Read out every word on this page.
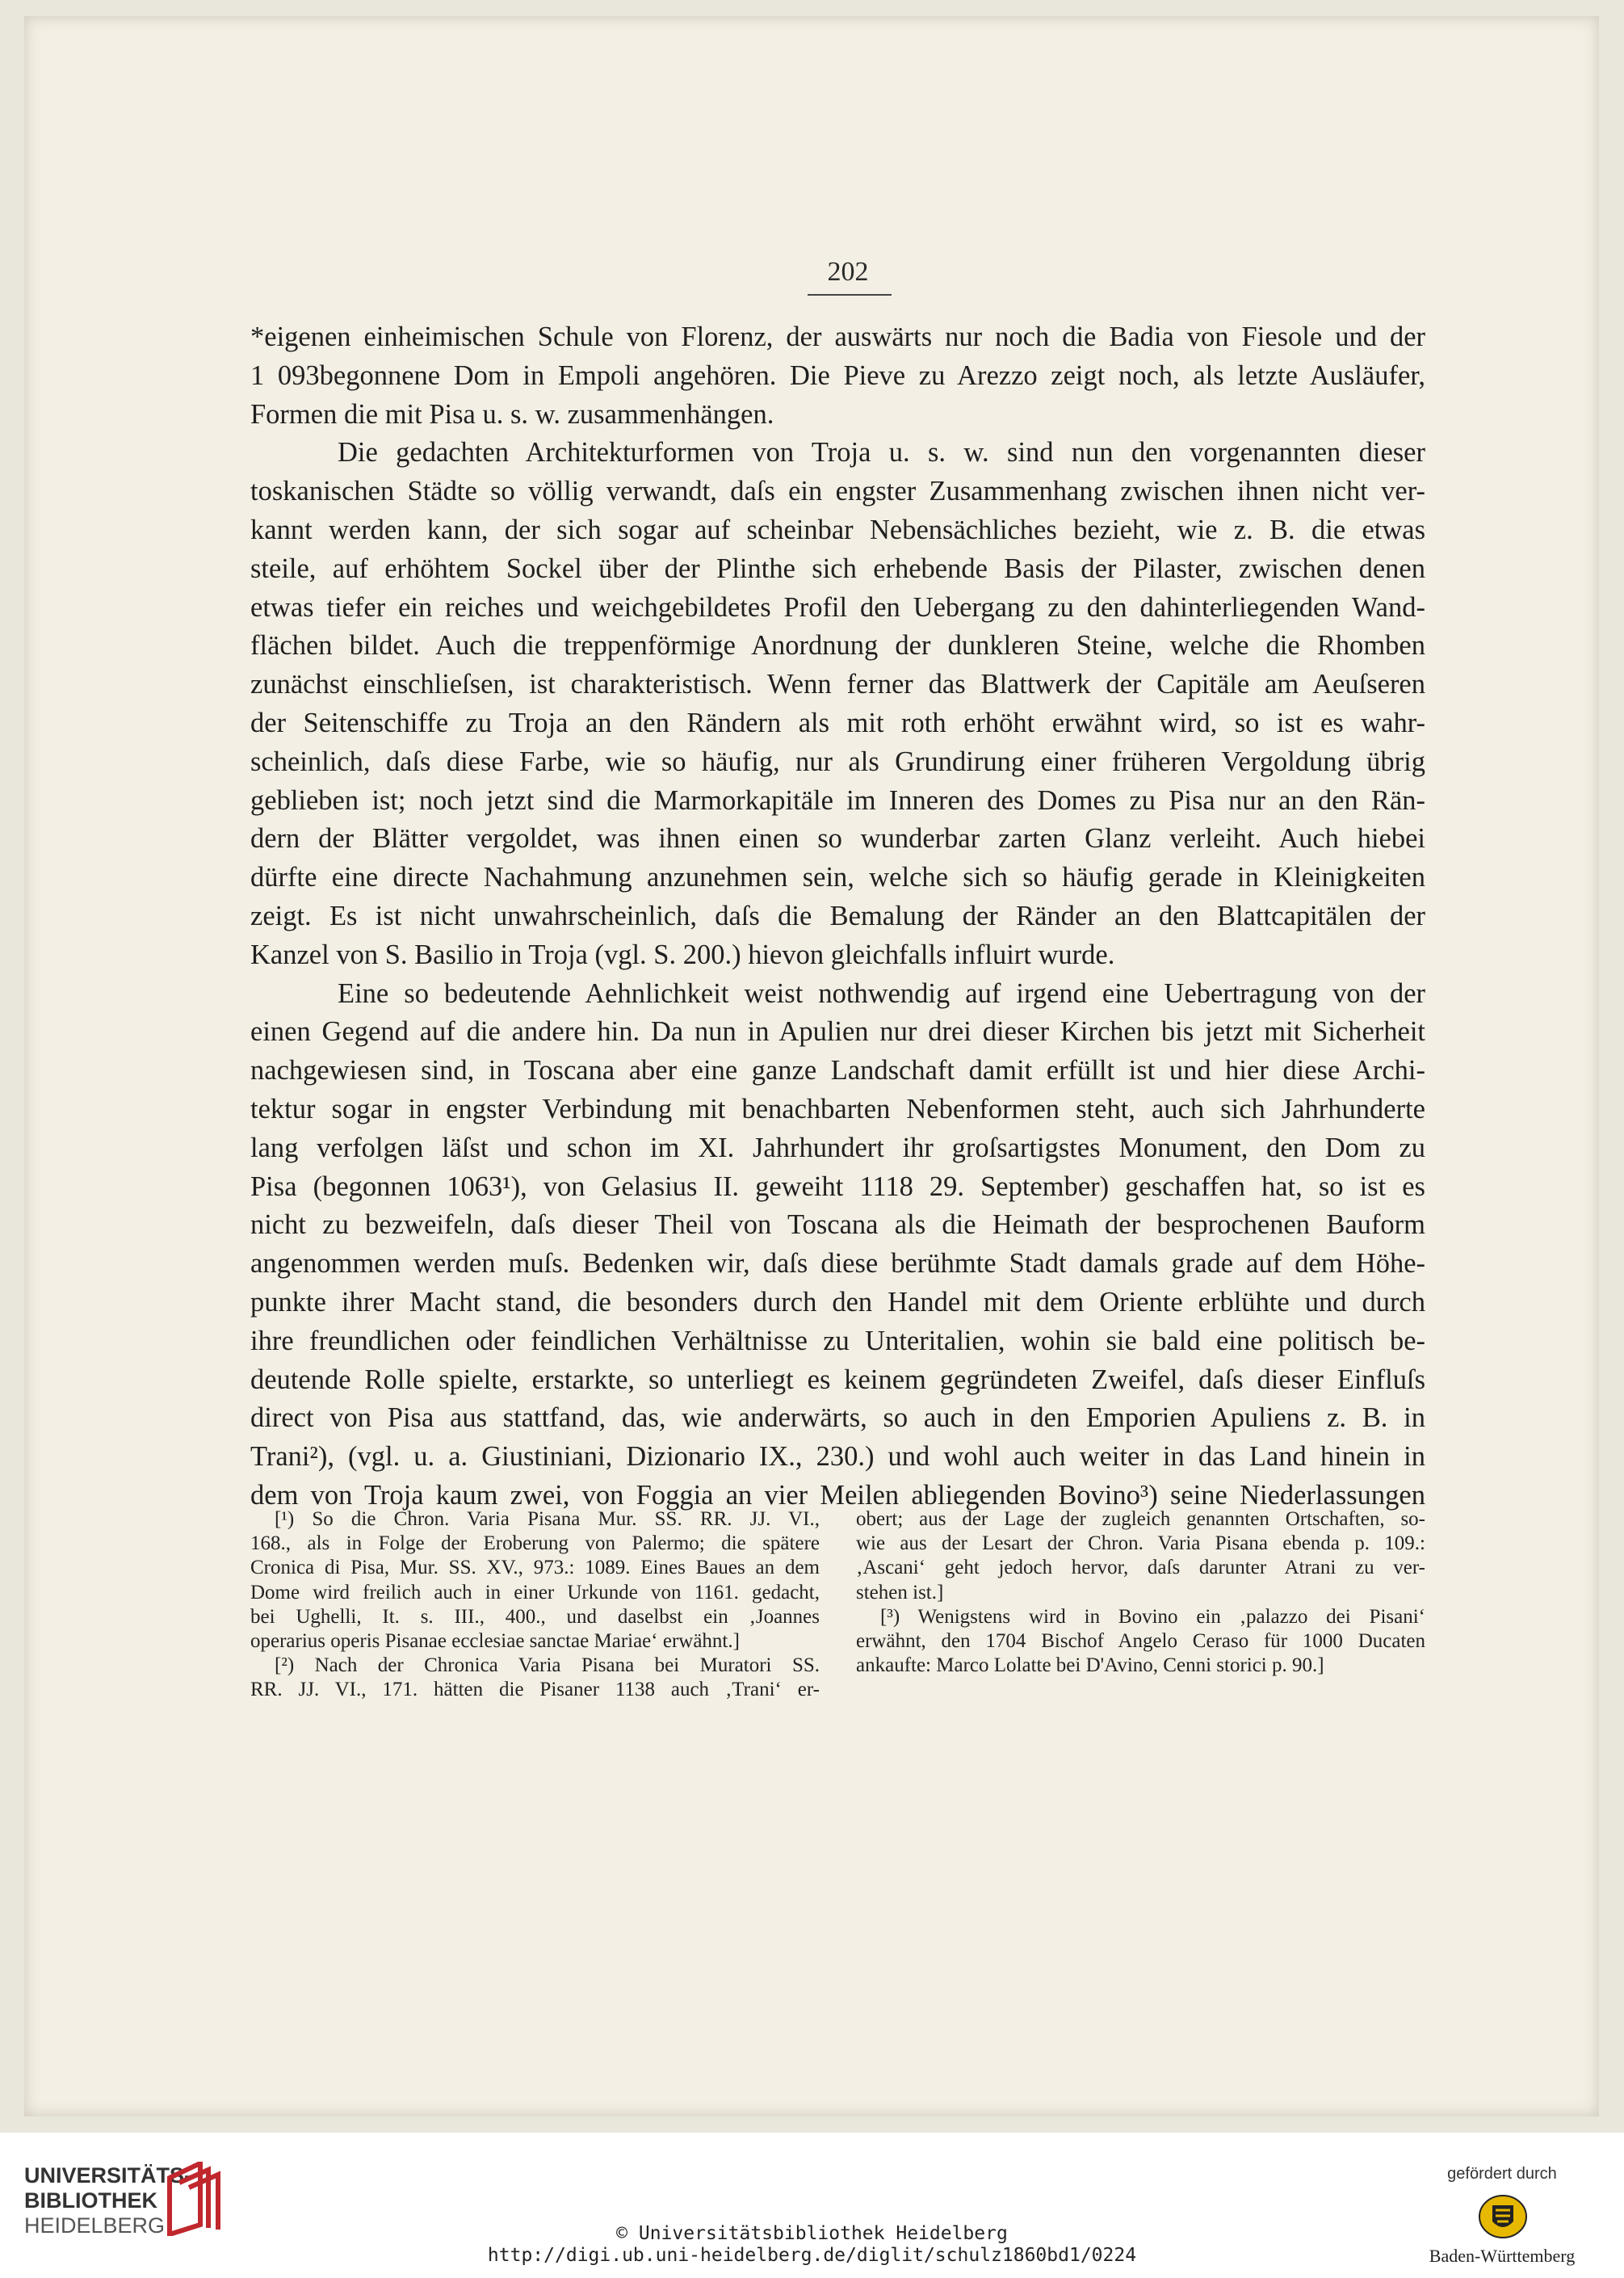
202
*eigenen einheimischen Schule von Florenz, der auswärts nur noch die Badia von Fiesole und der
1 093begonnene Dom in Empoli angehören. Die Pieve zu Arezzo zeigt noch, als letzte Ausläufer,
Formen die mit Pisa u. s. w. zusammenhängen.
Die gedachten Architekturformen von Troja u. s. w. sind nun den vorgenannten dieser
toskanischen Städte so völlig verwandt, daſs ein engster Zusammenhang zwischen ihnen nicht ver-
kannt werden kann, der sich sogar auf scheinbar Nebensächliches bezieht, wie z. B. die etwas
steile, auf erhöhtem Sockel über der Plinthe sich erhebende Basis der Pilaster, zwischen denen
etwas tiefer ein reiches und weichgebildetes Profil den Uebergang zu den dahinterliegenden Wand-
flächen bildet. Auch die treppenförmige Anordnung der dunkleren Steine, welche die Rhomben
zunächst einschlieſsen, ist charakteristisch. Wenn ferner das Blattwerk der Capitäle am Aeuſseren
der Seitenschiffe zu Troja an den Rändern als mit roth erhöht erwähnt wird, so ist es wahr-
scheinlich, daſs diese Farbe, wie so häufig, nur als Grundirung einer früheren Vergoldung übrig
geblieben ist; noch jetzt sind die Marmorkapitäle im Inneren des Domes zu Pisa nur an den Rän-
dern der Blätter vergoldet, was ihnen einen so wunderbar zarten Glanz verleiht. Auch hiebei
dürfte eine directe Nachahmung anzunehmen sein, welche sich so häufig gerade in Kleinigkeiten
zeigt. Es ist nicht unwahrscheinlich, daſs die Bemalung der Ränder an den Blattcapitälen der
Kanzel von S. Basilio in Troja (vgl. S. 200.) hievon gleichfalls influirt wurde.
Eine so bedeutende Aehnlichkeit weist nothwendig auf irgend eine Uebertragung von der
einen Gegend auf die andere hin. Da nun in Apulien nur drei dieser Kirchen bis jetzt mit Sicherheit
nachgewiesen sind, in Toscana aber eine ganze Landschaft damit erfüllt ist und hier diese Archi-
tektur sogar in engster Verbindung mit benachbarten Nebenformen steht, auch sich Jahrhunderte
lang verfolgen läſst und schon im XI. Jahrhundert ihr groſsartigstes Monument, den Dom zu
Pisa (begonnen 1063¹), von Gelasius II. geweiht 1118 29. September) geschaffen hat, so ist es
nicht zu bezweifeln, daſs dieser Theil von Toscana als die Heimath der besprochenen Bauform
angenommen werden muſs. Bedenken wir, daſs diese berühmte Stadt damals grade auf dem Höhe-
punkte ihrer Macht stand, die besonders durch den Handel mit dem Oriente erblühte und durch
ihre freundlichen oder feindlichen Verhältnisse zu Unteritalien, wohin sie bald eine politisch be-
deutende Rolle spielte, erstarkte, so unterliegt es keinem gegründeten Zweifel, daſs dieser Einfluſs
direct von Pisa aus stattfand, das, wie anderwärts, so auch in den Emporien Apuliens z. B. in
Trani²), (vgl. u. a. Giustiniani, Dizionario IX., 230.) und wohl auch weiter in das Land hinein in
dem von Troja kaum zwei, von Foggia an vier Meilen abliegenden Bovino³) seine Niederlassungen
[¹) So die Chron. Varia Pisana Mur. SS. RR. JJ. VI.,
168., als in Folge der Eroberung von Palermo; die spätere
Cronica di Pisa, Mur. SS. XV., 973.: 1089. Eines Baues an dem
Dome wird freilich auch in einer Urkunde von 1161. gedacht,
bei Ughelli, It. s. III., 400., und daselbst ein ‚Joannes
operarius operis Pisanae ecclesiae sanctae Mariae‘ erwähnt.]
[²) Nach der Chronica Varia Pisana bei Muratori SS.
RR. JJ. VI., 171. hätten die Pisaner 1138 auch ‚Trani‘ er-
obert; aus der Lage der zugleich genannten Ortschaften, so-
wie aus der Lesart der Chron. Varia Pisana ebenda p. 109.:
‚Ascani‘ geht jedoch hervor, daſs darunter Atrani zu ver-
stehen ist.]
[³) Wenigstens wird in Bovino ein ‚palazzo dei Pisani‘
erwähnt, den 1704 Bischof Angelo Ceraso für 1000 Ducaten
ankaufte: Marco Lolatte bei D'Avino, Cenni storici p. 90.]
UNIVERSITÄTS-
BIBLIOTHEK
HEIDELBERG	© Universitätsbibliothek Heidelberg
http://digi.ub.uni-heidelberg.de/diglit/schulz1860bd1/0224
gefördert durch
Baden-Württemberg
